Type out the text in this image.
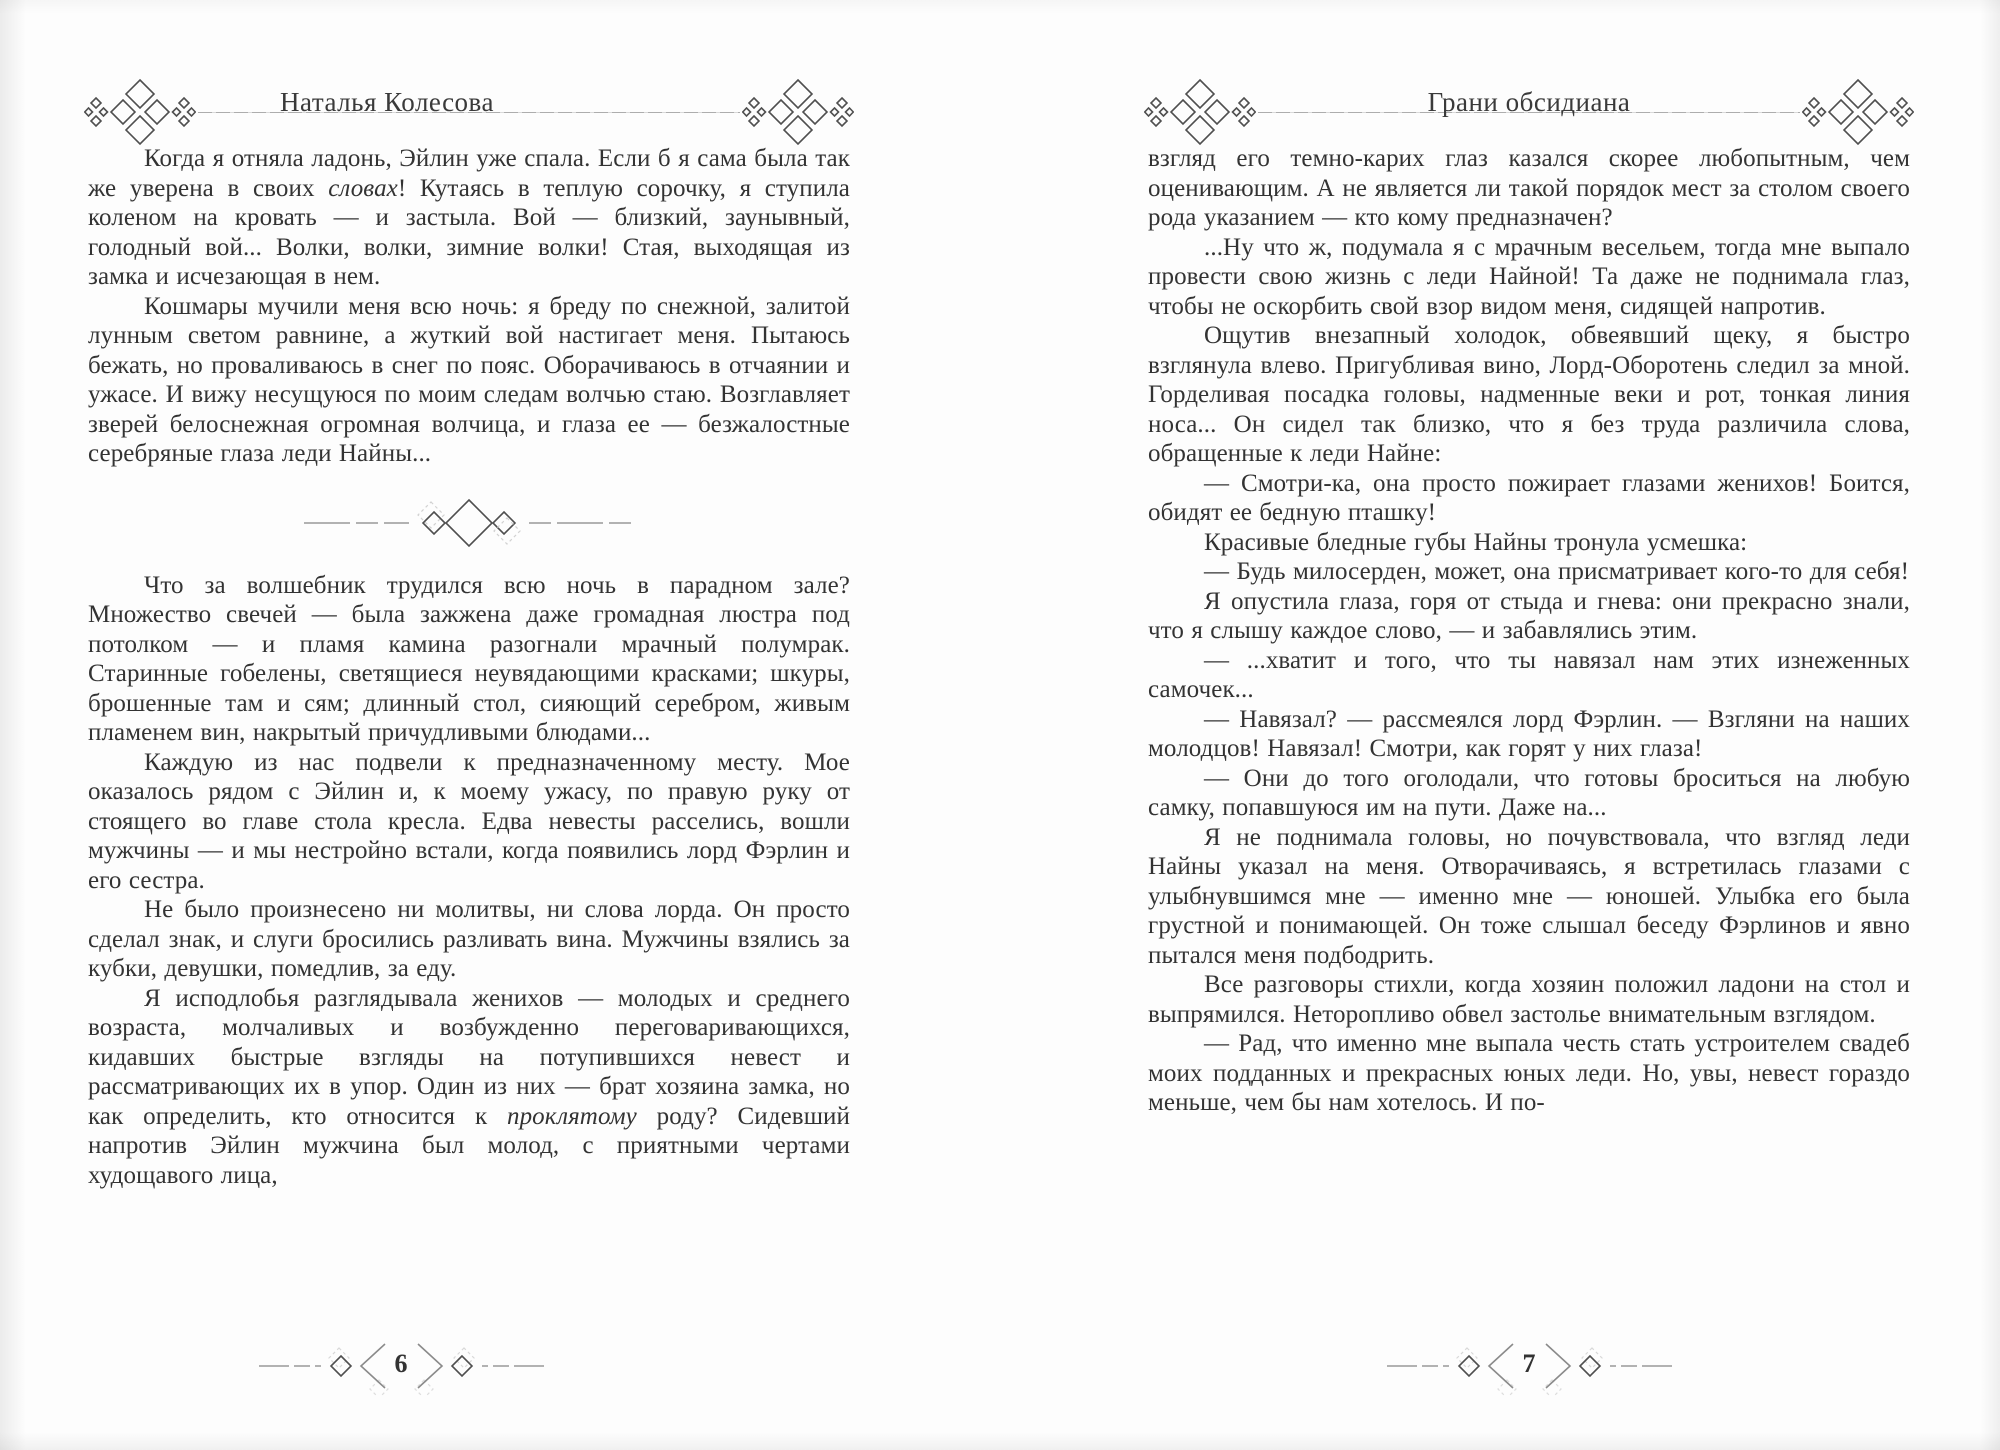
Наталья Колесова

Когда я отняла ладонь, Эйлин уже спала. Если б я сама была так же уверена в своих словах! Кутаясь в теплую сорочку, я ступила коленом на кровать — и застыла. Вой — близкий, заунывный, голодный вой... Волки, волки, зимние волки! Стая, выходящая из замка и исчезающая в нем.

Кошмары мучили меня всю ночь: я бреду по снежной, залитой лунным светом равнине, а жуткий вой настигает меня. Пытаюсь бежать, но проваливаюсь в снег по пояс. Оборачиваюсь в отчаянии и ужасе. И вижу несущуюся по моим следам волчью стаю. Возглавляет зверей белоснежная огромная волчица, и глаза ее — безжалостные серебряные глаза леди Найны...

Что за волшебник трудился всю ночь в парадном зале? Множество свечей — была зажжена даже громадная люстра под потолком — и пламя камина разогнали мрачный полумрак. Старинные гобелены, светящиеся неувядающими красками; шкуры, брошенные там и сям; длинный стол, сияющий серебром, живым пламенем вин, накрытый причудливыми блюдами...

Каждую из нас подвели к предназначенному месту. Мое оказалось рядом с Эйлин и, к моему ужасу, по правую руку от стоящего во главе стола кресла. Едва невесты расселись, вошли мужчины — и мы нестройно встали, когда появились лорд Фэрлин и его сестра.

Не было произнесено ни молитвы, ни слова лорда. Он просто сделал знак, и слуги бросились разливать вина. Мужчины взялись за кубки, девушки, помедлив, за еду.

Я исподлобья разглядывала женихов — молодых и среднего возраста, молчаливых и возбужденно переговаривающихся, кидавших быстрые взгляды на потупившихся невест и рассматривающих их в упор. Один из них — брат хозяина замка, но как определить, кто относится к проклятому роду? Сидевший напротив Эйлин мужчина был молод, с приятными чертами худощавого лица,

6
Грани обсидиана

взгляд его темно-карих глаз казался скорее любопытным, чем оценивающим. А не является ли такой порядок мест за столом своего рода указанием — кто кому предназначен?

...Ну что ж, подумала я с мрачным весельем, тогда мне выпало провести свою жизнь с леди Найной! Та даже не поднимала глаз, чтобы не оскорбить свой взор видом меня, сидящей напротив.

Ощутив внезапный холодок, обвеявший щеку, я быстро взглянула влево. Пригубливая вино, Лорд-Оборотень следил за мной. Горделивая посадка головы, надменные веки и рот, тонкая линия носа... Он сидел так близко, что я без труда различила слова, обращенные к леди Найне:

— Смотри-ка, она просто пожирает глазами женихов! Боится, обидят ее бедную пташку!

Красивые бледные губы Найны тронула усмешка:

— Будь милосерден, может, она присматривает кого-то для себя!

Я опустила глаза, горя от стыда и гнева: они прекрасно знали, что я слышу каждое слово, — и забавлялись этим.

— ...хватит и того, что ты навязал нам этих изнеженных самочек...

— Навязал? — рассмеялся лорд Фэрлин. — Взгляни на наших молодцов! Навязал! Смотри, как горят у них глаза!

— Они до того оголодали, что готовы броситься на любую самку, попавшуюся им на пути. Даже на...

Я не поднимала головы, но почувствовала, что взгляд леди Найны указал на меня. Отворачиваясь, я встретилась глазами с улыбнувшимся мне — именно мне — юношей. Улыбка его была грустной и понимающей. Он тоже слышал беседу Фэрлинов и явно пытался меня подбодрить.

Все разговоры стихли, когда хозяин положил ладони на стол и выпрямился. Неторопливо обвел застолье внимательным взглядом.

— Рад, что именно мне выпала честь стать устроителем свадеб моих подданных и прекрасных юных леди. Но, увы, невест гораздо меньше, чем бы нам хотелось. И по-

7
